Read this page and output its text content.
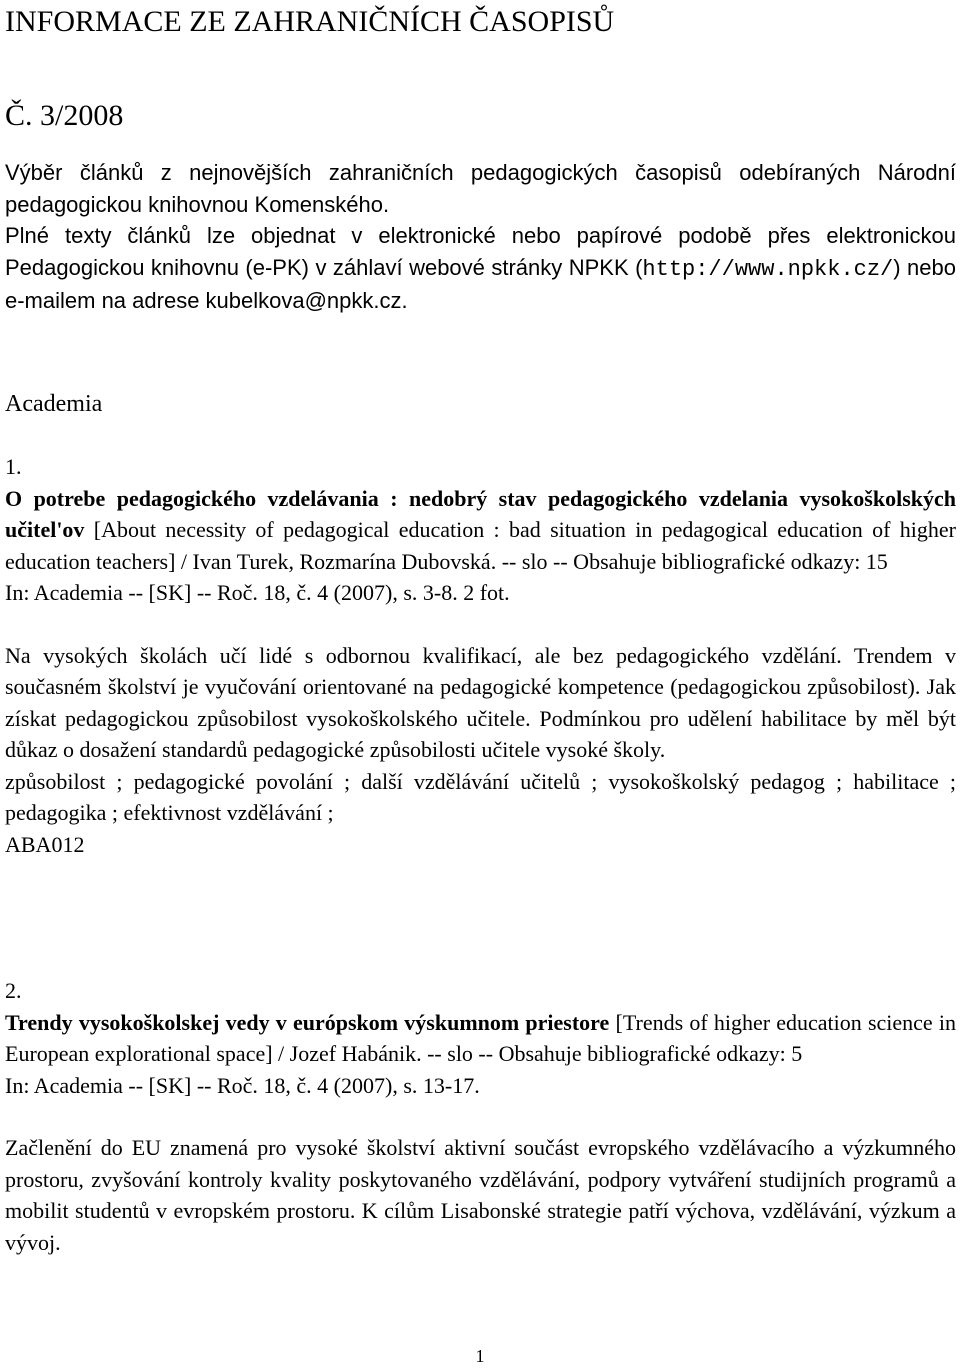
INFORMACE ZE ZAHRANIČNÍCH ČASOPISŮ
Č. 3/2008

Výběr článků z nejnovějších zahraničních pedagogických časopisů odebíraných Národní pedagogickou knihovnou Komenského.

Plné texty článků lze objednat v elektronické nebo papírové podobě přes elektronickou Pedagogickou knihovnu (e-PK) v záhlaví webové stránky NPKK (http://www.npkk.cz/) nebo e-mailem na adrese kubelkova@npkk.cz.

Academia

1.

O potrebe pedagogického vzdelávania : nedobrý stav pedagogického vzdelania vysokoškolských učitel'ov [About necessity of pedagogical education : bad situation in pedagogical education of higher education teachers] / Ivan Turek, Rozmarína Dubovská. -- slo -- Obsahuje bibliografické odkazy: 15

In: Academia -- [SK] -- Roč. 18, č. 4 (2007), s. 3-8. 2 fot.

Na vysokých školách učí lidé s odbornou kvalifikací, ale bez pedagogického vzdělání. Trendem v současném školství je vyučování orientované na pedagogické kompetence (pedagogickou způsobilost). Jak získat pedagogickou způsobilost vysokoškolského učitele. Podmínkou pro udělení habilitace by měl být důkaz o dosažení standardů pedagogické způsobilosti učitele vysoké školy.

způsobilost ; pedagogické povolání ; další vzdělávání učitelů ; vysokoškolský pedagog ; habilitace ; pedagogika ; efektivnost vzdělávání ;

ABA012

2.

Trendy vysokoškolskej vedy v európskom výskumnom priestore [Trends of higher education science in European explorational space] / Jozef Habánik. -- slo -- Obsahuje bibliografické odkazy: 5

In: Academia -- [SK] -- Roč. 18, č. 4 (2007), s. 13-17.

Začlenění do EU znamená pro vysoké školství aktivní součást evropského vzdělávacího a výzkumného prostoru, zvyšování kontroly kvality poskytovaného vzdělávání, podpory vytváření studijních programů a mobilit studentů v evropském prostoru. K cílům Lisabonské strategie patří výchova, vzdělávání, výzkum a vývoj.

1
